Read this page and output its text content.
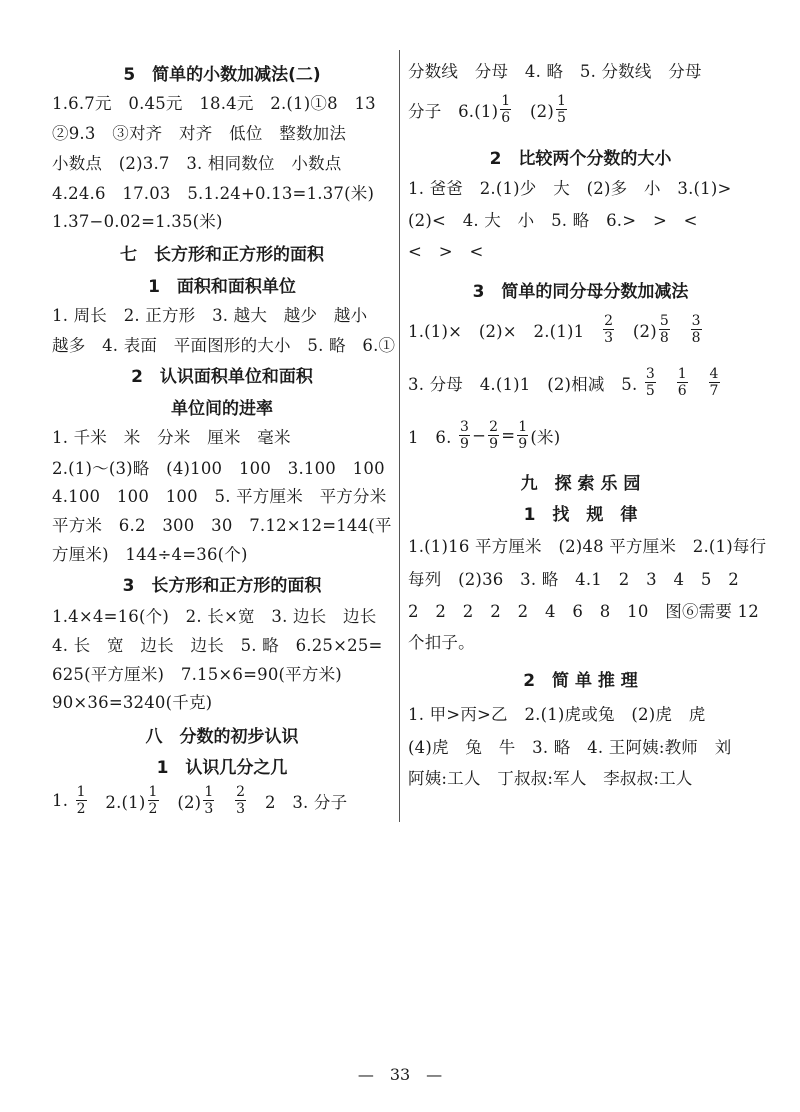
5　简单的小数加减法(二)
1.6.7元　0.45元　18.4元　2.(1)①8　13
②9.3　③对齐　对齐　低位　整数加法
小数点　(2)3.7　3. 相同数位　小数点
4.24.6　17.03　5.1.24+0.13=1.37(米)
1.37−0.02=1.35(米)
七　长方形和正方形的面积
1　面积和面积单位
1. 周长　2. 正方形　3. 越大　越少　越小
越多　4. 表面　平面图形的大小　5. 略　6.①
2　认识面积单位和面积
单位间的进率
1. 千米　米　分米　厘米　毫米
2.(1)～(3)略　(4)100　100　3.100　100
4.100　100　100　5. 平方厘米　平方分米
平方米　6.2　300　30　7.12×12=144(平
方厘米)　144÷4=36(个)
3　长方形和正方形的面积
1.4×4=16(个)　2. 长×宽　3. 边长　边长
4. 长　宽　边长　边长　5. 略　6.25×25=
625(平方厘米)　7.15×6=90(平方米)
90×36=3240(千克)
八　分数的初步认识
1　认识几分之几
1. $\frac{1}{2}$ 　$2.(1) \frac{1}{2}$ 　$(2) \frac{1}{3}$
　 $\frac{2}{3}$ 　2　3. 分子
分数线　分母　4. 略　5. 分数线　分母
分子　$6.(1) \frac{1}{6}$ 　$(2) \frac{1}{5}$
2　比较两个分数的大小
1. 爸爸　2.(1)少　大　(2)多　小　3.(1)>
(2)<　4. 大　小　5. 略　6.>　>　<
<　>　<
3　简单的同分母分数加减法
1.(1)×　(2)×　2.(1)1　 $\frac{2}{3}$ 　$(2) \frac{5}{8}$
　 $\frac{3}{8}$
3. 分母　4.(1)1　(2)相减　5. $\frac{3}{5}$
　 $\frac{1}{6}$
　 $\frac{4}{7}$
1　6. $\frac{3}{9} - \frac{2}{9} = \frac{1}{9}$ (米)
九　探 索 乐 园
1　找　规　律
1.(1)16 平方厘米　(2)48 平方厘米　2.(1)每行
每列　(2)36　3. 略　4.1　2　3　4　5　2
2　2　2　2　2　4　6　8　10　图⑥需要 12
个扣子。
2　简 单 推 理
1. 甲>丙>乙　2.(1)虎或兔　(2)虎　虎
(4)虎　兔　牛　3. 略　4. 王阿姨:教师　刘
阿姨:工人　丁叔叔:军人　李叔叔:工人
—　33　—
